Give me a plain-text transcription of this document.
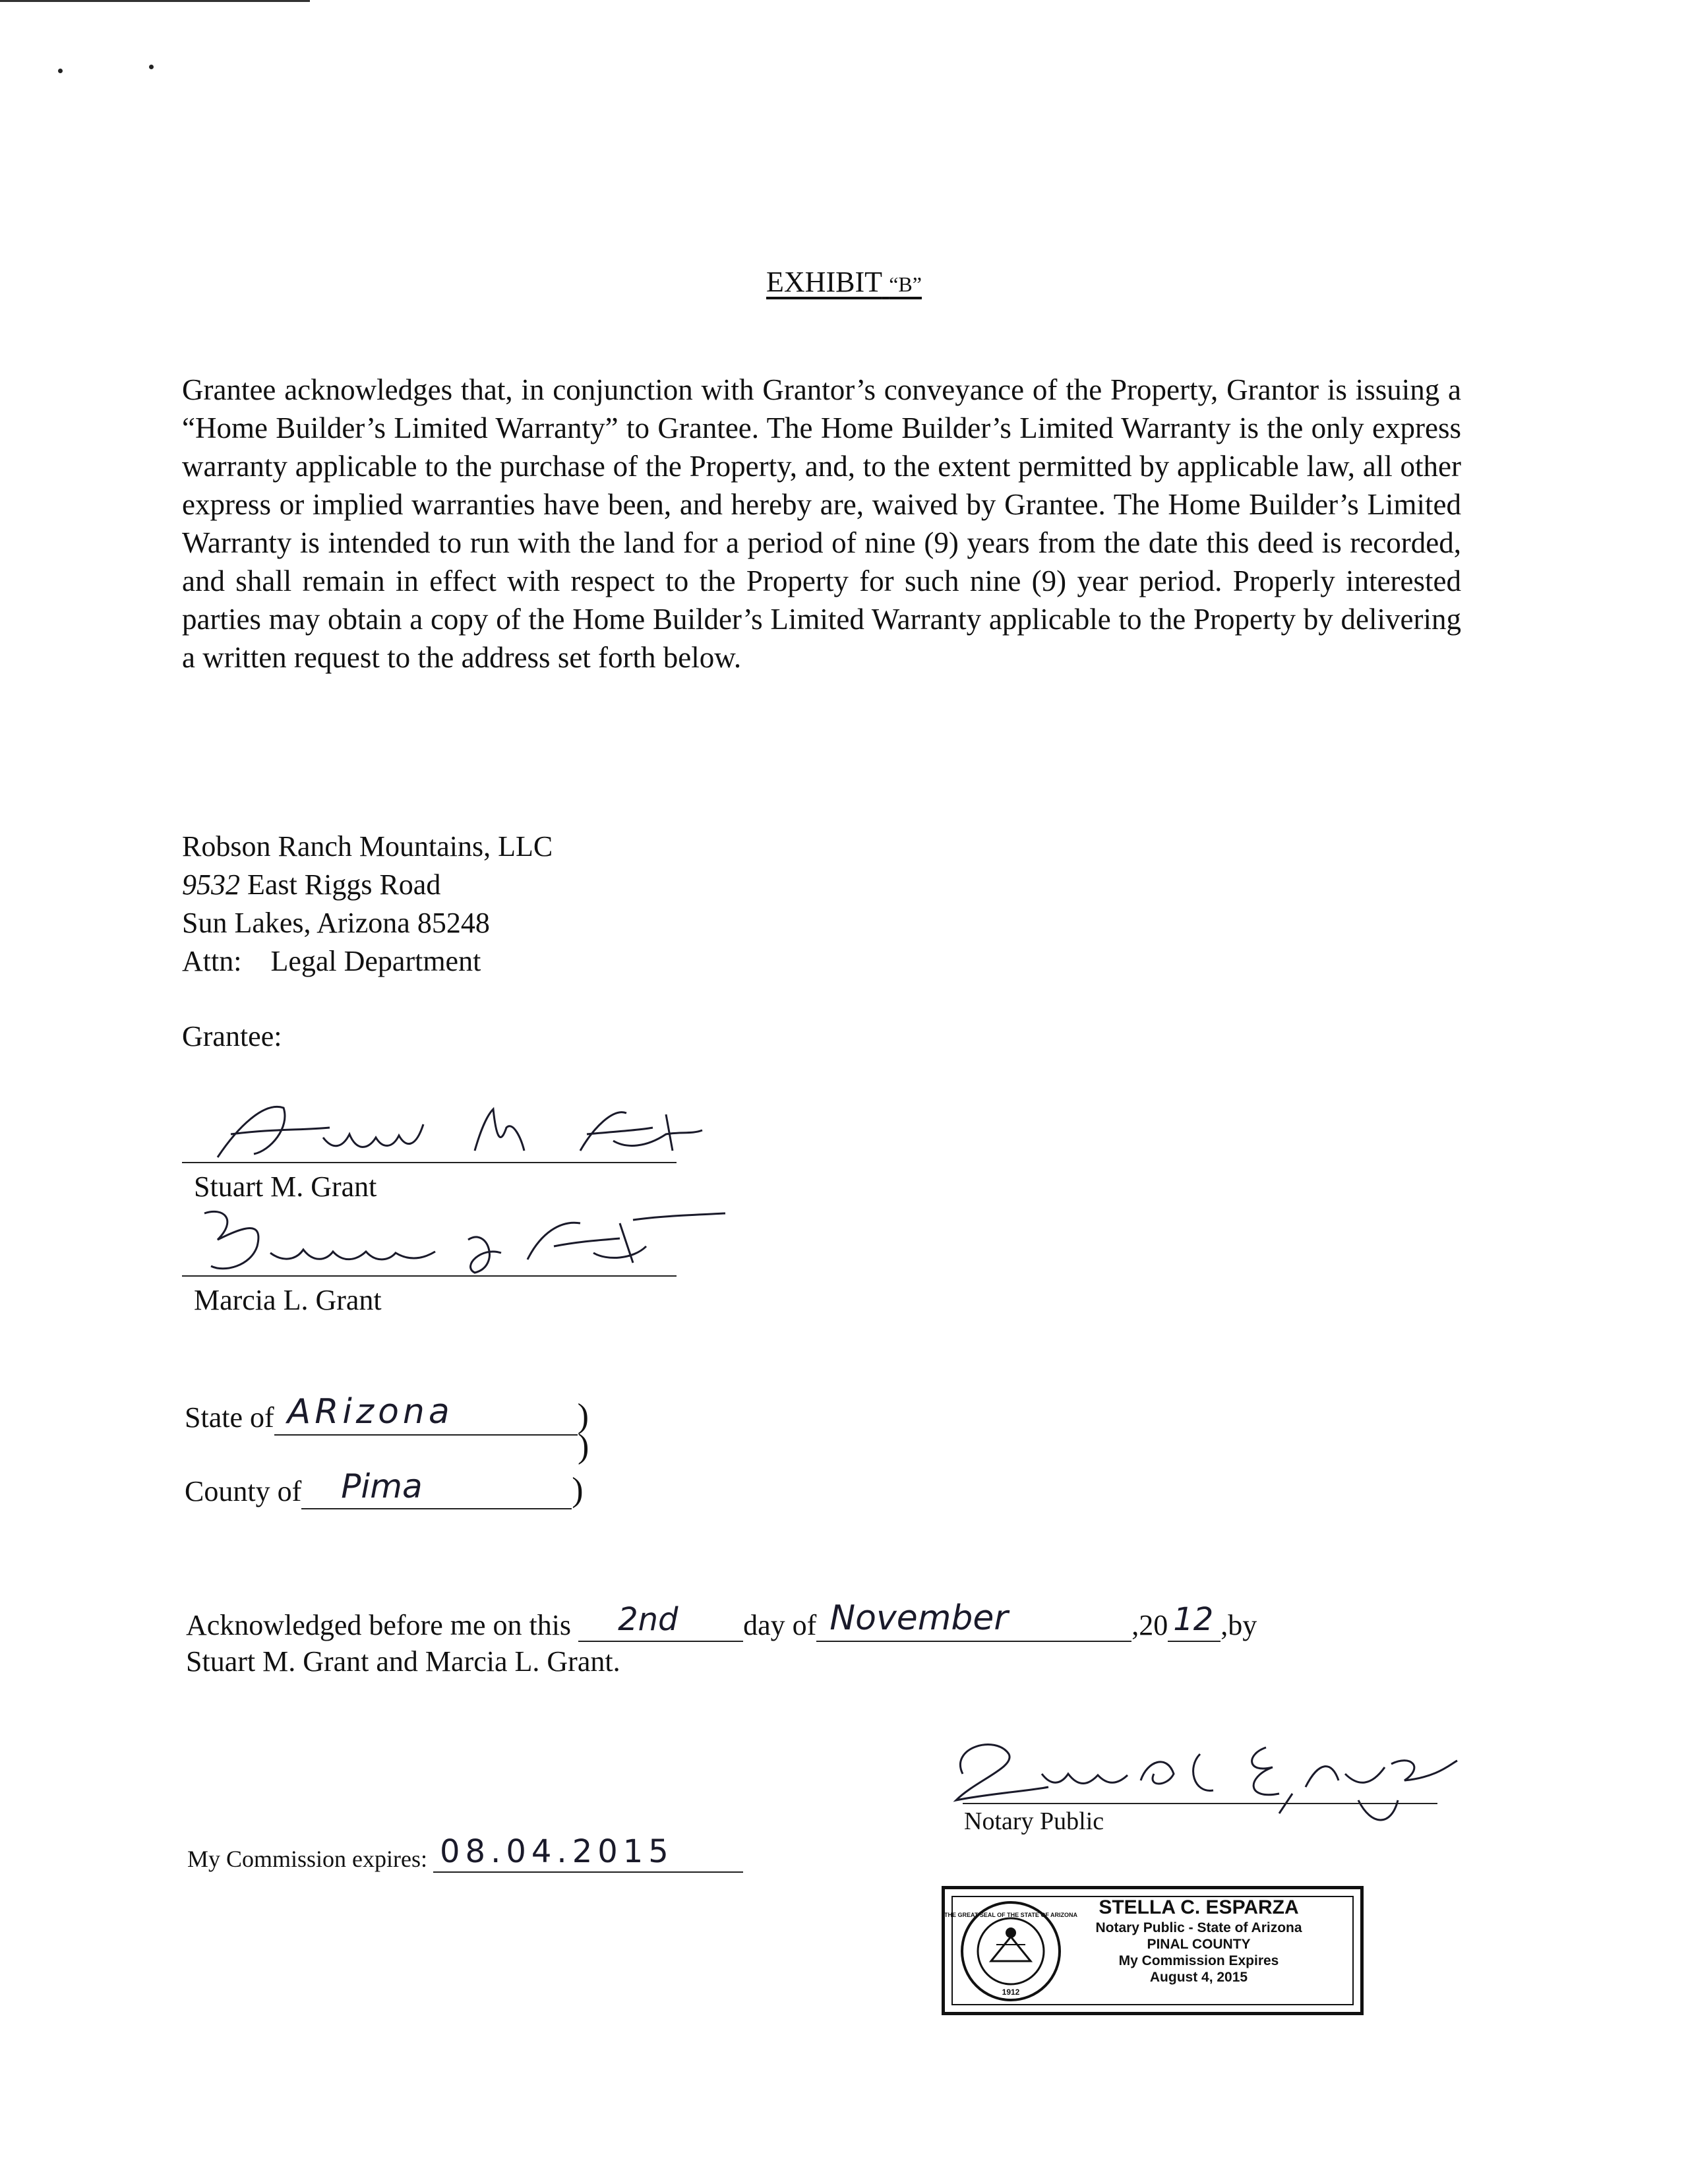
EXHIBIT “B”
Grantee acknowledges that, in conjunction with Grantor’s conveyance of the Property, Grantor is issuing a “Home Builder’s Limited Warranty” to Grantee. The Home Builder’s Limited Warranty is the only express warranty applicable to the purchase of the Property, and, to the extent permitted by applicable law, all other express or implied warranties have been, and hereby are, waived by Grantee. The Home Builder’s Limited Warranty is intended to run with the land for a period of nine (9) years from the date this deed is recorded, and shall remain in effect with respect to the Property for such nine (9) year period. Properly interested parties may obtain a copy of the Home Builder’s Limited Warranty applicable to the Property by delivering a written request to the address set forth below.
Robson Ranch Mountains, LLC
9532 East Riggs Road
Sun Lakes, Arizona 85248
Attn: Legal Department
Grantee:
Stuart M Grant
Stuart M. Grant
Marcia L Grant
Marcia L. Grant
State of ARizona	)
)
County of Pima	)
Acknowledged before me on this 2nd day of November	,20 12 ,by
Stuart M. Grant and Marcia L. Grant.
Stella C. Esparza
Notary Public
My Commission expires: 08.04.2015
THE GREAT SEAL OF THE STATE OF ARIZONA
1912
STELLA C. ESPARZA
Notary Public - State of Arizona
PINAL COUNTY
My Commission Expires
August 4, 2015
